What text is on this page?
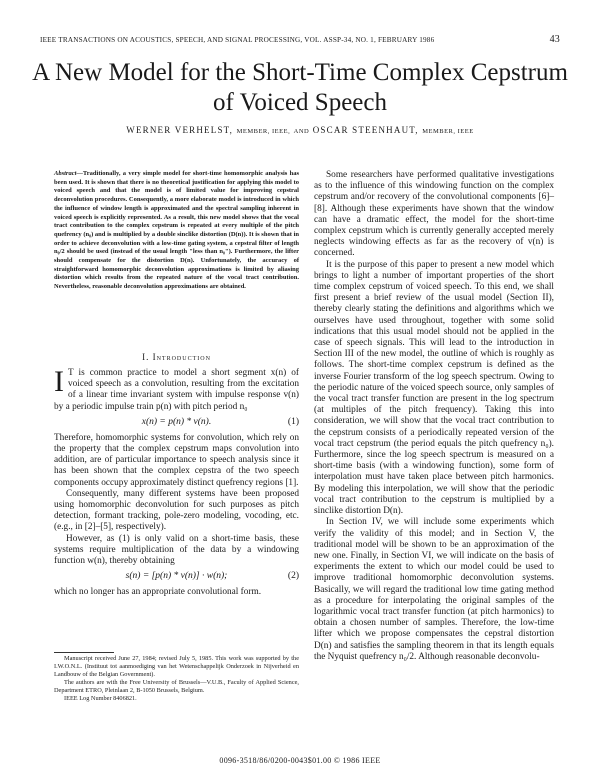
IEEE TRANSACTIONS ON ACOUSTICS, SPEECH, AND SIGNAL PROCESSING, VOL. ASSP-34, NO. 1, FEBRUARY 1986	43
A New Model for the Short-Time Complex Cepstrum
of Voiced Speech
WERNER VERHELST, MEMBER, IEEE, AND OSCAR STEENHAUT, MEMBER, IEEE
Abstract—Traditionally, a very simple model for short-time homomorphic analysis has been used. It is shown that there is no theoretical justification for applying this model to voiced speech and that the model is of limited value for improving cepstral deconvolution procedures. Consequently, a more elaborate model is introduced in which the influence of window length is approximated and the spectral sampling inherent in voiced speech is explicitly represented. As a result, this new model shows that the vocal tract contribution to the complex cepstrum is repeated at every multiple of the pitch quefrency (n₀) and is multiplied by a double sinclike distortion (D(n)). It is shown that in order to achieve deconvolution with a low-time gating system, a cepstral filter of length n₀/2 should be used (instead of the usual length "less than n₀"). Furthermore, the lifter should compensate for the distortion D(n). Unfortunately, the accuracy of straightforward homomorphic deconvolution approximations is limited by aliasing distortion which results from the repeated nature of the vocal tract contribution. Nevertheless, reasonable deconvolution approximations are obtained.
I. Introduction

I T is common practice to model a short segment x(n) of voiced speech as a convolution, resulting from the excitation of a linear time invariant system with impulse response v(n) by a periodic impulse train p(n) with pitch period n₀

x(n) = p(n) * v(n).	(1)

Therefore, homomorphic systems for convolution, which rely on the property that the complex cepstrum maps convolution into addition, are of particular importance to speech analysis since it has been shown that the complex cepstra of the two speech components occupy approximately distinct quefrency regions [1].

Consequently, many different systems have been proposed using homomorphic deconvolution for such purposes as pitch detection, formant tracking, pole-zero modeling, vocoding, etc. (e.g., in [2]–[5], respectively).

However, as (1) is only valid on a short-time basis, these systems require multiplication of the data by a windowing function w(n), thereby obtaining

s(n) = [p(n) * v(n)] · w(n);	(2)

which no longer has an appropriate convolutional form.

Manuscript received June 27, 1984; revised July 5, 1985. This work was supported by the I.W.O.N.L. (Instituut tot aanmoediging van het Wetenschappelijk Onderzoek in Nijverheid en Landbouw of the Belgian Government).

The authors are with the Free University of Brussels—V.U.B., Faculty of Applied Science, Department ETRO, Pleinlaan 2, B-1050 Brussels, Belgium.

IEEE Log Number 8406821.

Some researchers have performed qualitative investigations as to the influence of this windowing function on the complex cepstrum and/or recovery of the convolutional components [6]–[8]. Although these experiments have shown that the window can have a dramatic effect, the model for the short-time complex cepstrum which is currently generally accepted merely neglects windowing effects as far as the recovery of v(n) is concerned.

It is the purpose of this paper to present a new model which brings to light a number of important properties of the short time complex cepstrum of voiced speech. To this end, we shall first present a brief review of the usual model (Section II), thereby clearly stating the definitions and algorithms which we ourselves have used throughout, together with some solid indications that this usual model should not be applied in the case of speech signals. This will lead to the introduction in Section III of the new model, the outline of which is roughly as follows. The short-time complex cepstrum is defined as the inverse Fourier transform of the log speech spectrum. Owing to the periodic nature of the voiced speech source, only samples of the vocal tract transfer function are present in the log spectrum (at multiples of the pitch frequency). Taking this into consideration, we will show that the vocal tract contribution to the cepstrum consists of a periodically repeated version of the vocal tract cepstrum (the period equals the pitch quefrency n₀). Furthermore, since the log speech spectrum is measured on a short-time basis (with a windowing function), some form of interpolation must have taken place between pitch harmonics. By modeling this interpolation, we will show that the periodic vocal tract contribution to the cepstrum is multiplied by a sinclike distortion D(n).

In Section IV, we will include some experiments which verify the validity of this model; and in Section V, the traditional model will be shown to be an approximation of the new one. Finally, in Section VI, we will indicate on the basis of experiments the extent to which our model could be used to improve traditional homomorphic deconvolution systems. Basically, we will regard the traditional low time gating method as a procedure for interpolating the original samples of the logarithmic vocal tract transfer function (at pitch harmonics) to obtain a chosen number of samples. Therefore, the low-time lifter which we propose compensates the cepstral distortion D(n) and satisfies the sampling theorem in that its length equals the Nyquist quefrency n₀/2. Although reasonable deconvolu-

0096-3518/86/0200-0043$01.00 © 1986 IEEE
